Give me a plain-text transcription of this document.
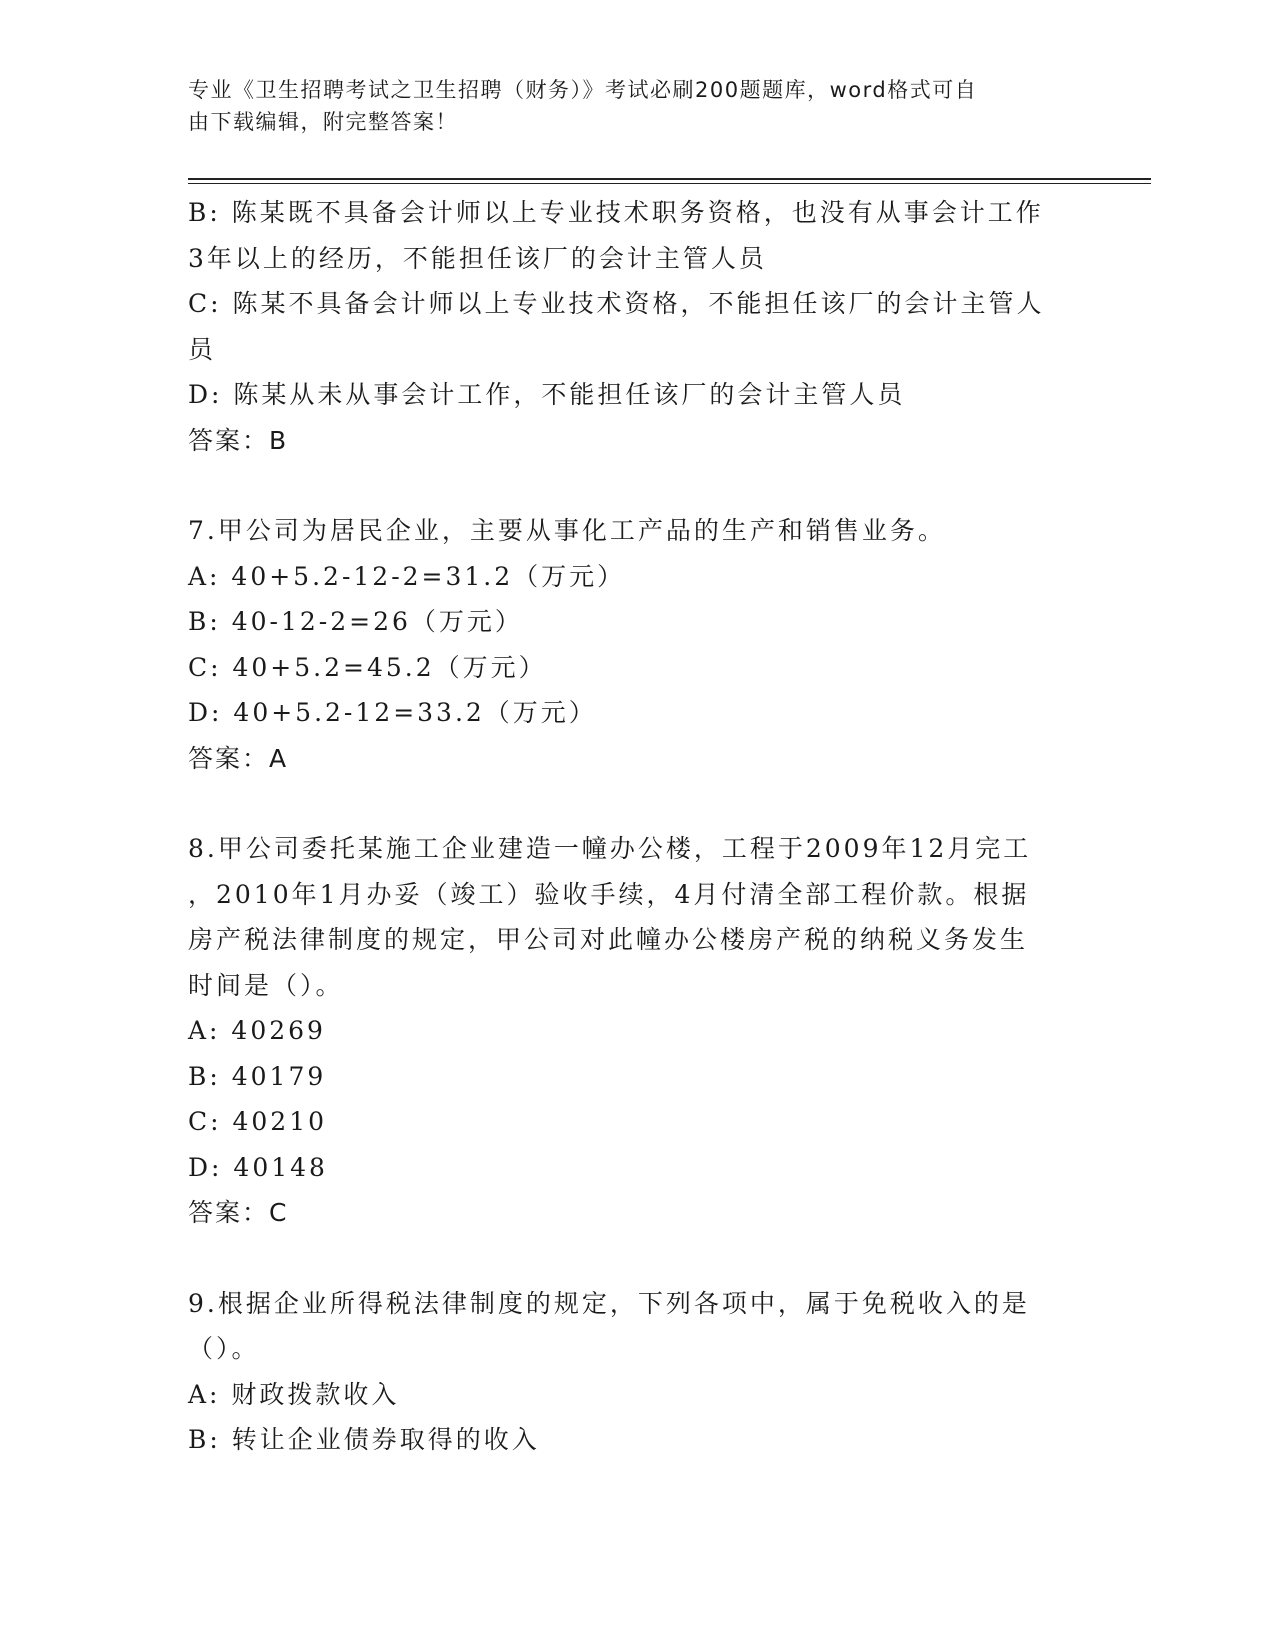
专业《卫生招聘考试之卫生招聘（财务）》考试必刷200题题库，word格式可自
由下载编辑，附完整答案！
B: 陈某既不具备会计师以上专业技术职务资格，也没有从事会计工作
3年以上的经历，不能担任该厂的会计主管人员
C: 陈某不具备会计师以上专业技术资格，不能担任该厂的会计主管人
员
D: 陈某从未从事会计工作，不能担任该厂的会计主管人员
答案：B
7.甲公司为居民企业，主要从事化工产品的生产和销售业务。
A: 40+5.2-12-2=31.2（万元）
B: 40-12-2=26（万元）
C: 40+5.2=45.2（万元）
D: 40+5.2-12=33.2（万元）
答案：A
8.甲公司委托某施工企业建造一幢办公楼，工程于2009年12月完工
，2010年1月办妥（竣工）验收手续，4月付清全部工程价款。根据
房产税法律制度的规定，甲公司对此幢办公楼房产税的纳税义务发生
时间是（）。
A: 40269
B: 40179
C: 40210
D: 40148
答案：C
9.根据企业所得税法律制度的规定，下列各项中，属于免税收入的是
（）。
A: 财政拨款收入
B: 转让企业债券取得的收入
